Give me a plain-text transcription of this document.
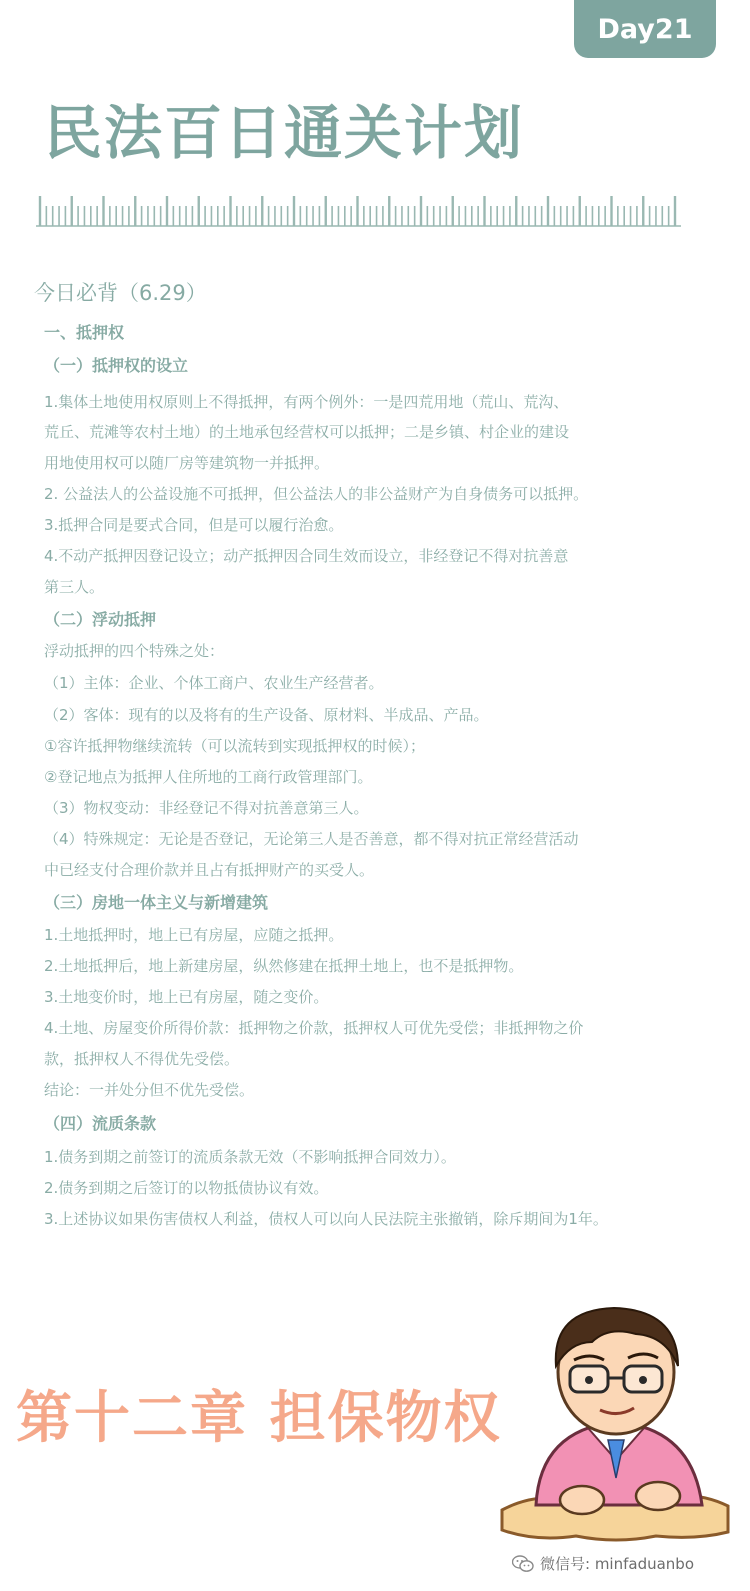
Day21
民法百日通关计划
今日必背（6.29）
一、抵押权
（一）抵押权的设立
1.集体土地使用权原则上不得抵押，有两个例外：一是四荒用地（荒山、荒沟、
荒丘、荒滩等农村土地）的土地承包经营权可以抵押；二是乡镇、村企业的建设
用地使用权可以随厂房等建筑物一并抵押。
2. 公益法人的公益设施不可抵押，但公益法人的非公益财产为自身债务可以抵押。
3.抵押合同是要式合同，但是可以履行治愈。
4.不动产抵押因登记设立；动产抵押因合同生效而设立，非经登记不得对抗善意
第三人。
（二）浮动抵押
浮动抵押的四个特殊之处：
（1）主体：企业、个体工商户、农业生产经营者。
（2）客体：现有的以及将有的生产设备、原材料、半成品、产品。
①容许抵押物继续流转（可以流转到实现抵押权的时候）；
②登记地点为抵押人住所地的工商行政管理部门。
（3）物权变动：非经登记不得对抗善意第三人。
（4）特殊规定：无论是否登记，无论第三人是否善意，都不得对抗正常经营活动
中已经支付合理价款并且占有抵押财产的买受人。
（三）房地一体主义与新增建筑
1.土地抵押时，地上已有房屋，应随之抵押。
2.土地抵押后，地上新建房屋，纵然修建在抵押土地上，也不是抵押物。
3.土地变价时，地上已有房屋，随之变价。
4.土地、房屋变价所得价款：抵押物之价款，抵押权人可优先受偿；非抵押物之价
款，抵押权人不得优先受偿。
结论：一并处分但不优先受偿。
（四）流质条款
1.债务到期之前签订的流质条款无效（不影响抵押合同效力）。
2.债务到期之后签订的以物抵债协议有效。
3.上述协议如果伤害债权人利益，债权人可以向人民法院主张撤销，除斥期间为1年。
第十二章 担保物权
微信号: minfaduanbo
